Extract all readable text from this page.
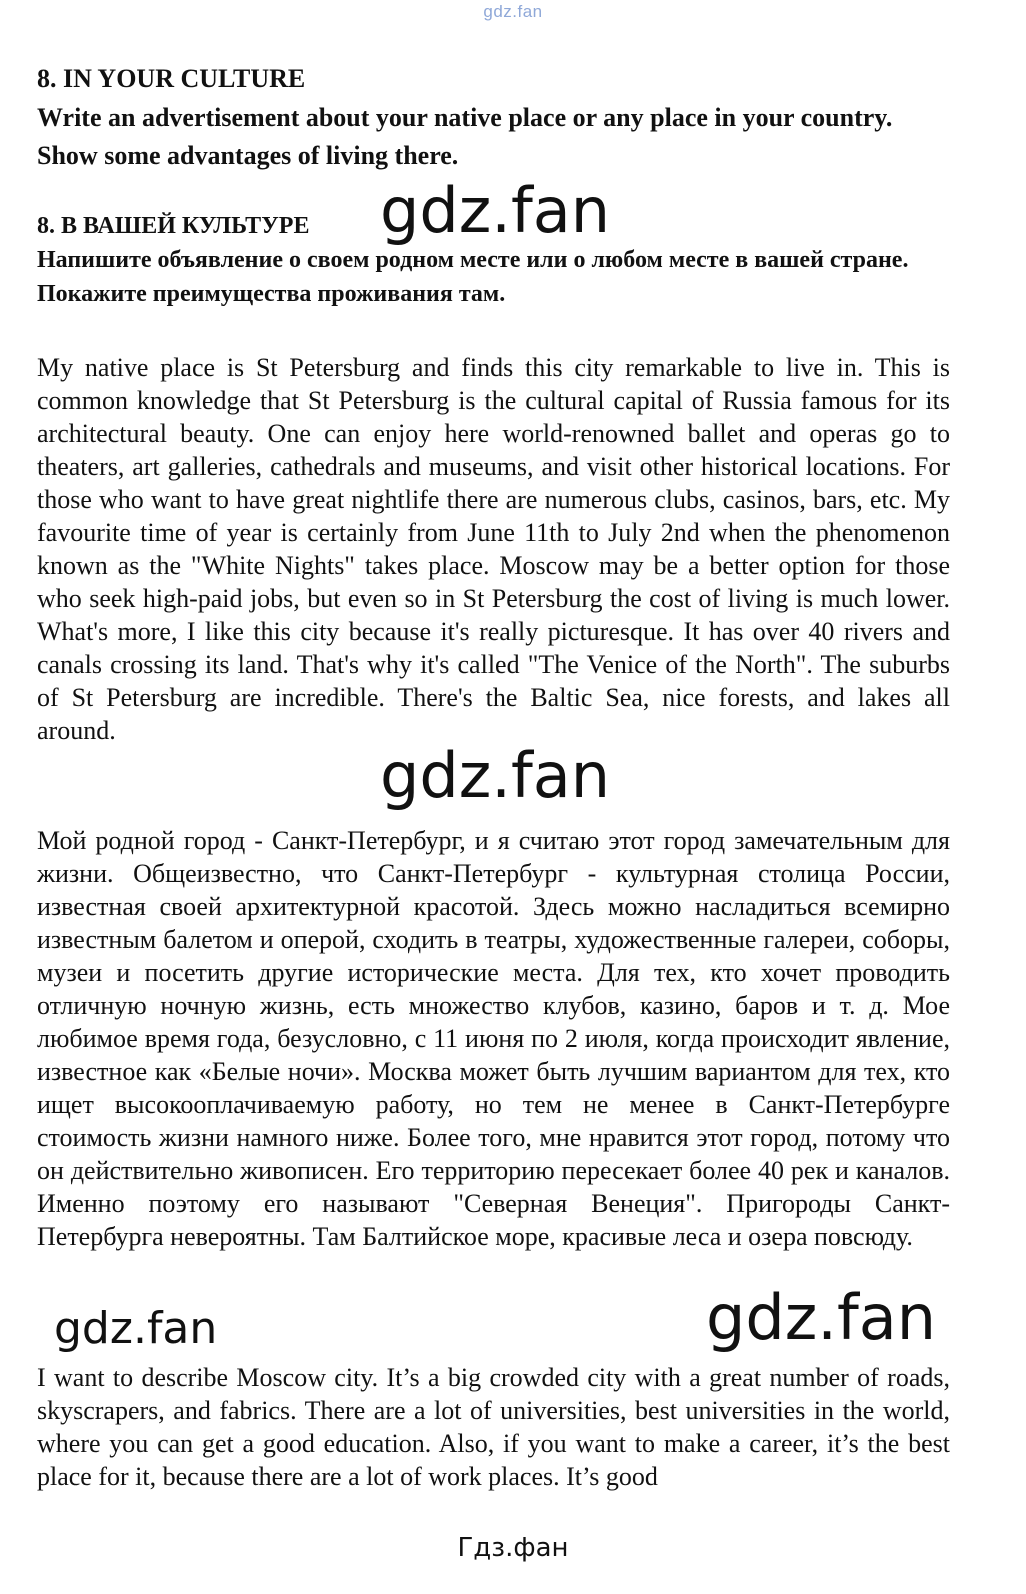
gdz.fan
8. IN YOUR CULTURE
Write an advertisement about your native place or any place in your country. Show some advantages of living there.
8. В ВАШЕЙ КУЛЬТУРЕ
Напишите объявление о своем родном месте или о любом месте в вашей стране. Покажите преимущества проживания там.
My native place is St Petersburg and finds this city remarkable to live in. This is common knowledge that St Petersburg is the cultural capital of Russia famous for its architectural beauty. One can enjoy here world-renowned ballet and operas go to theaters, art galleries, cathedrals and museums, and visit other historical locations. For those who want to have great nightlife there are numerous clubs, casinos, bars, etc. My favourite time of year is certainly from June 11th to July 2nd when the phenomenon known as the "White Nights" takes place. Moscow may be a better option for those who seek high-paid jobs, but even so in St Petersburg the cost of living is much lower. What's more, I like this city because it's really picturesque. It has over 40 rivers and canals crossing its land. That's why it's called "The Venice of the North". The suburbs of St Petersburg are incredible. There's the Baltic Sea, nice forests, and lakes all around.
Мой родной город - Санкт-Петербург, и я считаю этот город замечательным для жизни. Общеизвестно, что Санкт-Петербург - культурная столица России, известная своей архитектурной красотой. Здесь можно насладиться всемирно известным балетом и оперой, сходить в театры, художественные галереи, соборы, музеи и посетить другие исторические места. Для тех, кто хочет проводить отличную ночную жизнь, есть множество клубов, казино, баров и т. д. Мое любимое время года, безусловно, с 11 июня по 2 июля, когда происходит явление, известное как «Белые ночи». Москва может быть лучшим вариантом для тех, кто ищет высокооплачиваемую работу, но тем не менее в Санкт-Петербурге стоимость жизни намного ниже. Более того, мне нравится этот город, потому что он действительно живописен. Его территорию пересекает более 40 рек и каналов. Именно поэтому его называют "Северная Венеция". Пригороды Санкт-Петербурга невероятны. Там Балтийское море, красивые леса и озера повсюду.
I want to describe Moscow city. It’s a big crowded city with a great number of roads, skyscrapers, and fabrics. There are a lot of universities, best universities in the world, where you can get a good education. Also, if you want to make a career, it’s the best place for it, because there are a lot of work places. It’s good
gdz.fan
gdz.fan
gdz.fan	gdz.fan
Гдз.фан
